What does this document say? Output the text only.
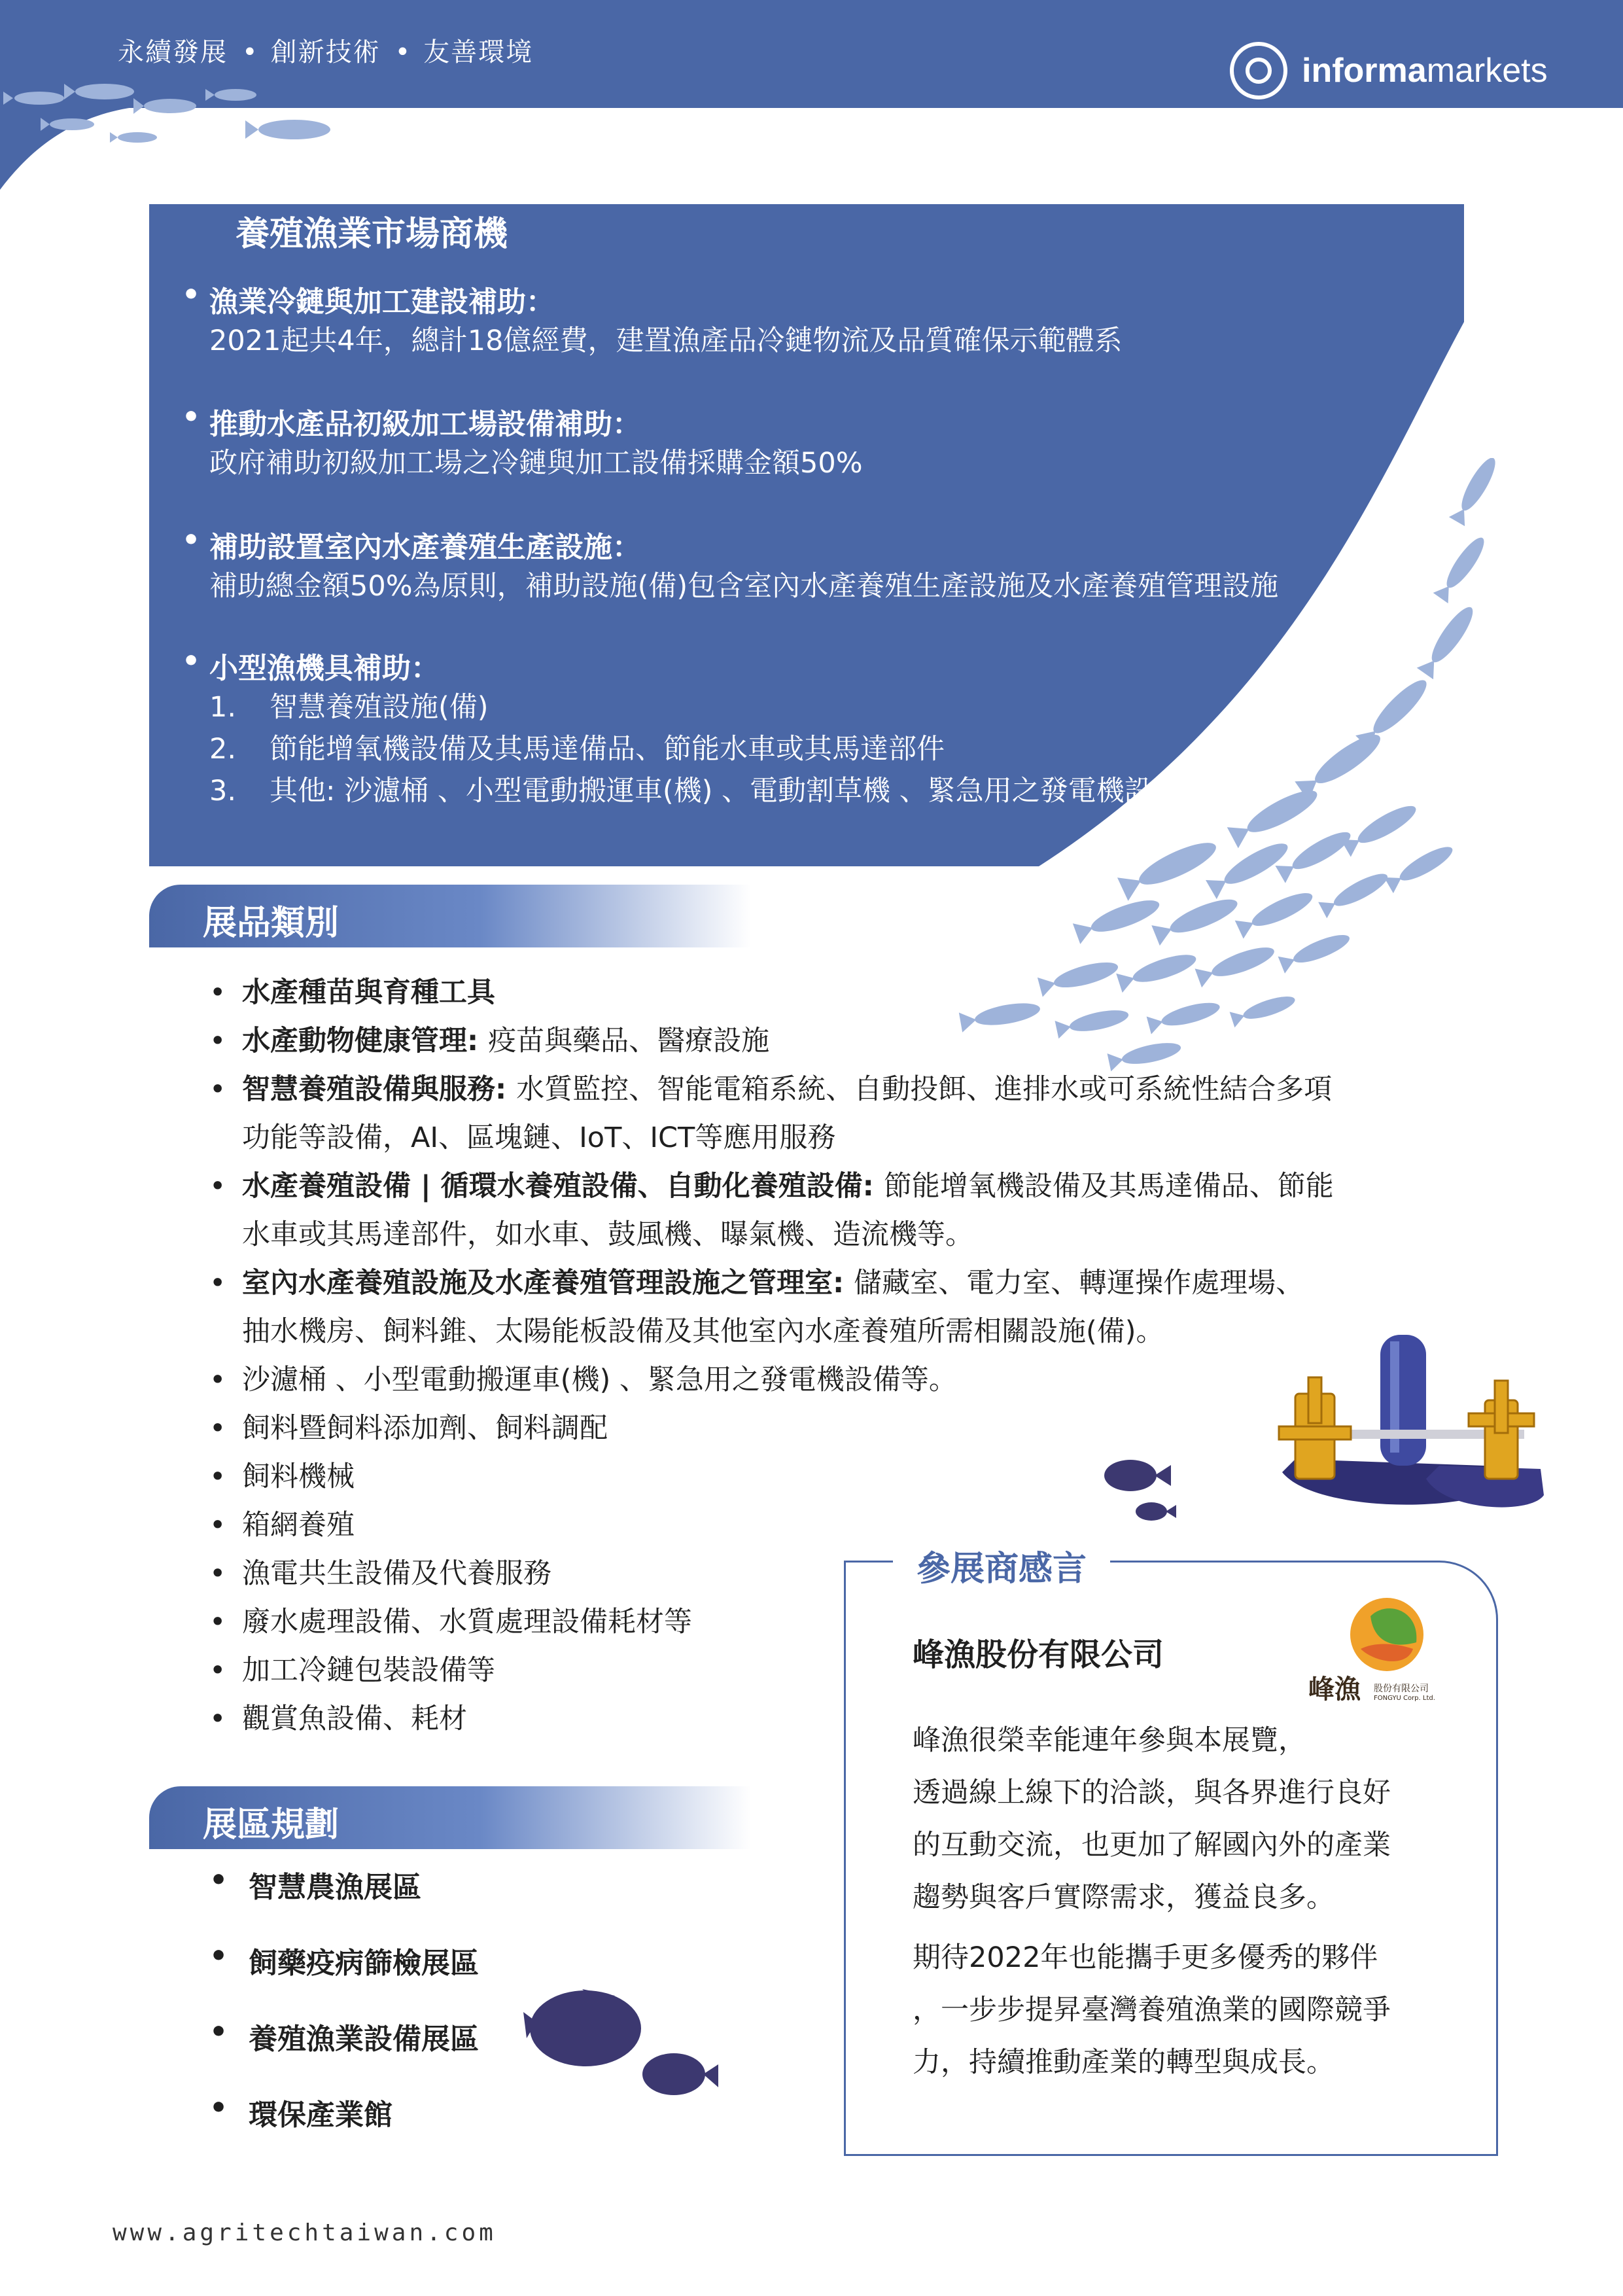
永續發展 • 創新技術 • 友善環境	informamarkets
養殖漁業市場商機
• 漁業冷鏈與加工建設補助：
2021起共4年，總計18億經費，建置漁產品冷鏈物流及品質確保示範體系
• 推動水產品初級加工場設備補助：
政府補助初級加工場之冷鏈與加工設備採購金額50%
• 補助設置室內水產養殖生產設施：
補助總金額50%為原則，補助設施(備)包含室內水產養殖生產設施及水產養殖管理設施
• 小型漁機具補助：
1. 智慧養殖設施(備)
2. 節能增氧機設備及其馬達備品、節能水車或其馬達部件
3. 其他: 沙濾桶 、小型電動搬運車(機) 、電動割草機 、緊急用之發電機設備等
展品類別
• 水產種苗與育種工具
• 水產動物健康管理: 疫苗與藥品、醫療設施
• 智慧養殖設備與服務: 水質監控、智能電箱系統、自動投餌、進排水或可系統性結合多項
功能等設備，AI、區塊鏈、IoT、ICT等應用服務
• 水產養殖設備 | 循環水養殖設備、自動化養殖設備: 節能增氧機設備及其馬達備品、節能
水車或其馬達部件，如水車、鼓風機、曝氣機、造流機等。
• 室內水產養殖設施及水產養殖管理設施之管理室: 儲藏室、電力室、轉運操作處理場、
抽水機房、飼料錐、太陽能板設備及其他室內水產養殖所需相關設施(備)。
• 沙濾桶 、小型電動搬運車(機) 、緊急用之發電機設備等。
• 飼料暨飼料添加劑、飼料調配
• 飼料機械
• 箱網養殖
• 漁電共生設備及代養服務
• 廢水處理設備、水質處理設備耗材等
• 加工冷鏈包裝設備等
• 觀賞魚設備、耗材
展區規劃
• 智慧農漁展區
• 飼藥疫病篩檢展區
• 養殖漁業設備展區
• 環保產業館
參展商感言
峰漁股份有限公司
峰漁 股份有限公司
FONGYU Corp. Ltd.
峰漁很榮幸能連年參與本展覽，
透過線上線下的洽談，與各界進行良好
的互動交流，也更加了解國內外的產業
趨勢與客戶實際需求，獲益良多。
期待2022年也能攜手更多優秀的夥伴
，一步步提昇臺灣養殖漁業的國際競爭
力，持續推動產業的轉型與成長。
www.agritechtaiwan.com
